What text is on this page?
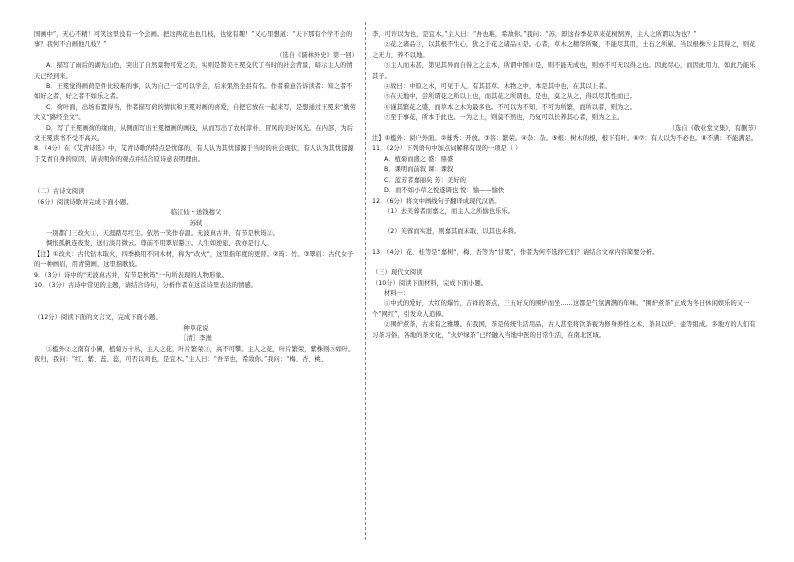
国画中”，无心不精！可笑这里没有一个会画。把这两花也也几枝，也觉有趣！”又心里想道：“天下那有个学不会的事？我何不自画他几枝？”

（选自《儒林外史》第一回）

A．描写了雨后的湖光山色，突出了自然景物可爱之美，实则是赞美王冕交代了当时的社会背景，暗示主人的情天已经到来。

B．王冕觉得画荷是件比较难的事，认为自己一定可以学会，后来果然全县有名。作者着意告诉读者：知之者不如好之者，好之者不如乐之者。

C．荷叶面，出场布置得当，作者描写荷的情状和王冕对画的喜爱，自把它放在一起来写，是想通过王冕来“勤劳大义”路经全文”。

D．写了王冕画荷的缘由，从侧面写出王冕擅画的画技，从而写出了农村淳朴、冒风的美好风光。在内部，为后文王冕读书不受不高兴。

8．（4分）在《艾青诗选》中，艾青诗歌的特点是忧郁的，有人认为其忧郁源于当时的社会现状，有人认为其忧郁源于艾青自身的原因，请表明你的观点并结合原诗意表明理由。

（二）古诗文阅读

（6分）阅读诗歌并完成下面小题。

临江仙・送钱穆父

苏轼

一别都门三改火①，天涯踏尽红尘。依然一笑作春温。无波真古井，有节是秋筠②。

惆怅孤帆连夜发，送行淡月微云。尊前不用翠眉颦③。人生如逆旅，我亦是行人。

【注】①改火：古代钻木取火，四季换用不同木材，称为“改火”，这里指年度的更替。②筠：竹。③翠眉：古代女子的一种画眉，用青黛画，这里指歌妓。

9．（3分）诗中的“无波真古井，有节是秋筠”一句所表现的人物形象。

10．（3分）古诗中常见的主题，请结合诗句，分析作者在这首诗里表达的情感。

（12分）阅读下面的文言文，完成下面小题。

种草花说

［清］李渔

①槛外②之南有小圃，植菊万十丛，主人之花，叶片繁荣③，高不可攀。主人之花，叶片繁荣，紫株则⑤如叶。夜归，我问：“红、紫、蕊、蕊，可否以鸡也，是宜木。”主人曰：“吾辛也，希敌你。”我问：“梅、杏、桃、

李，可许以为也，是宜木。”主人曰：“吾也难，希敌你。”我问：“苏，即这春季花草来花树鹄弄，主人之所谓以为也？”

②花之诸品③，以其根不生心，犹之于花之诸品④是。心者，草木之精华所聚，不能尽其用，土石之所累。当以根株⑤主其得之，则花之无力，养不以地。

③主人而未甚，第见其异而自得之之主本，所谓中国⑥是，则不能无成也，则亦不可无以得之也。因此尽心，而因此用力，如此乃能乐其子。

④故曰：中原之木，可见于人，有其甚草。木物之中，本是其中也，在其以上者。

⑤在天地中，尝所谓花之所以上也，而其花之所谓也，是也，莫之从之，得以尽其性而已。

⑥谨其繁花之盛，而草本之木为最多也。不可以为不知，不可为所繁，而所以者，则为之。

⑦至于事花，所本于此也。一为之上，则莫不然也，乃复可以长养其心者，则为之主。

（选自《敬业堂文集》，有删节）

注】①槛外：窗户外面。②葺秀：开放。③菩：繁荣。④杂：杂。⑤根：树木的根，根下有叶。⑥⑦：有人以为不必也。⑧不满：不能满足。

11．（2分）下列语句中加点词解释有误的一项是（ ）

A．植菊而盛之 盛：鼎盛

B．课明而前叙 课：课叙

C．蓝芳者嘉丽矣 芳：美好的

D．而不如小草之悦遂调也 悦：愉——愉快

12．（6分）将文中画线句子翻译成现代汉语。

（1）去芙蓉者而嘉之，而主人之所愉也乐乐。

（2）芙蓉而实进，则嘉其而未取，以其也未将。

13．（4分）花、桂等是“嘉树”，梅、杏等为“甘果”，作者为何不选择它们？请结合文章内容简要分析。

（三）现代文阅读

（10分）阅读下面材料，完成下面小题。

材料一：

①中式的爱好，大红的爆竹，吉祥的茶点，三五好友的围炉而坐……这都是气氛满满的年味。“围炉煮茶”正成为冬日休闲娱乐的又一个“网红”，引发众人追捧。

②围炉煮茶，古来有之雅趣。在我国，茶是传统生活用品，古人甚至将饮茶视为修身养性之术，茶具以炉、壶等组成。多地方的人们有习茶习俗，各地的茶文化，“火炉绿茶”已经融入当地中医的日常生活，在南北区域。
